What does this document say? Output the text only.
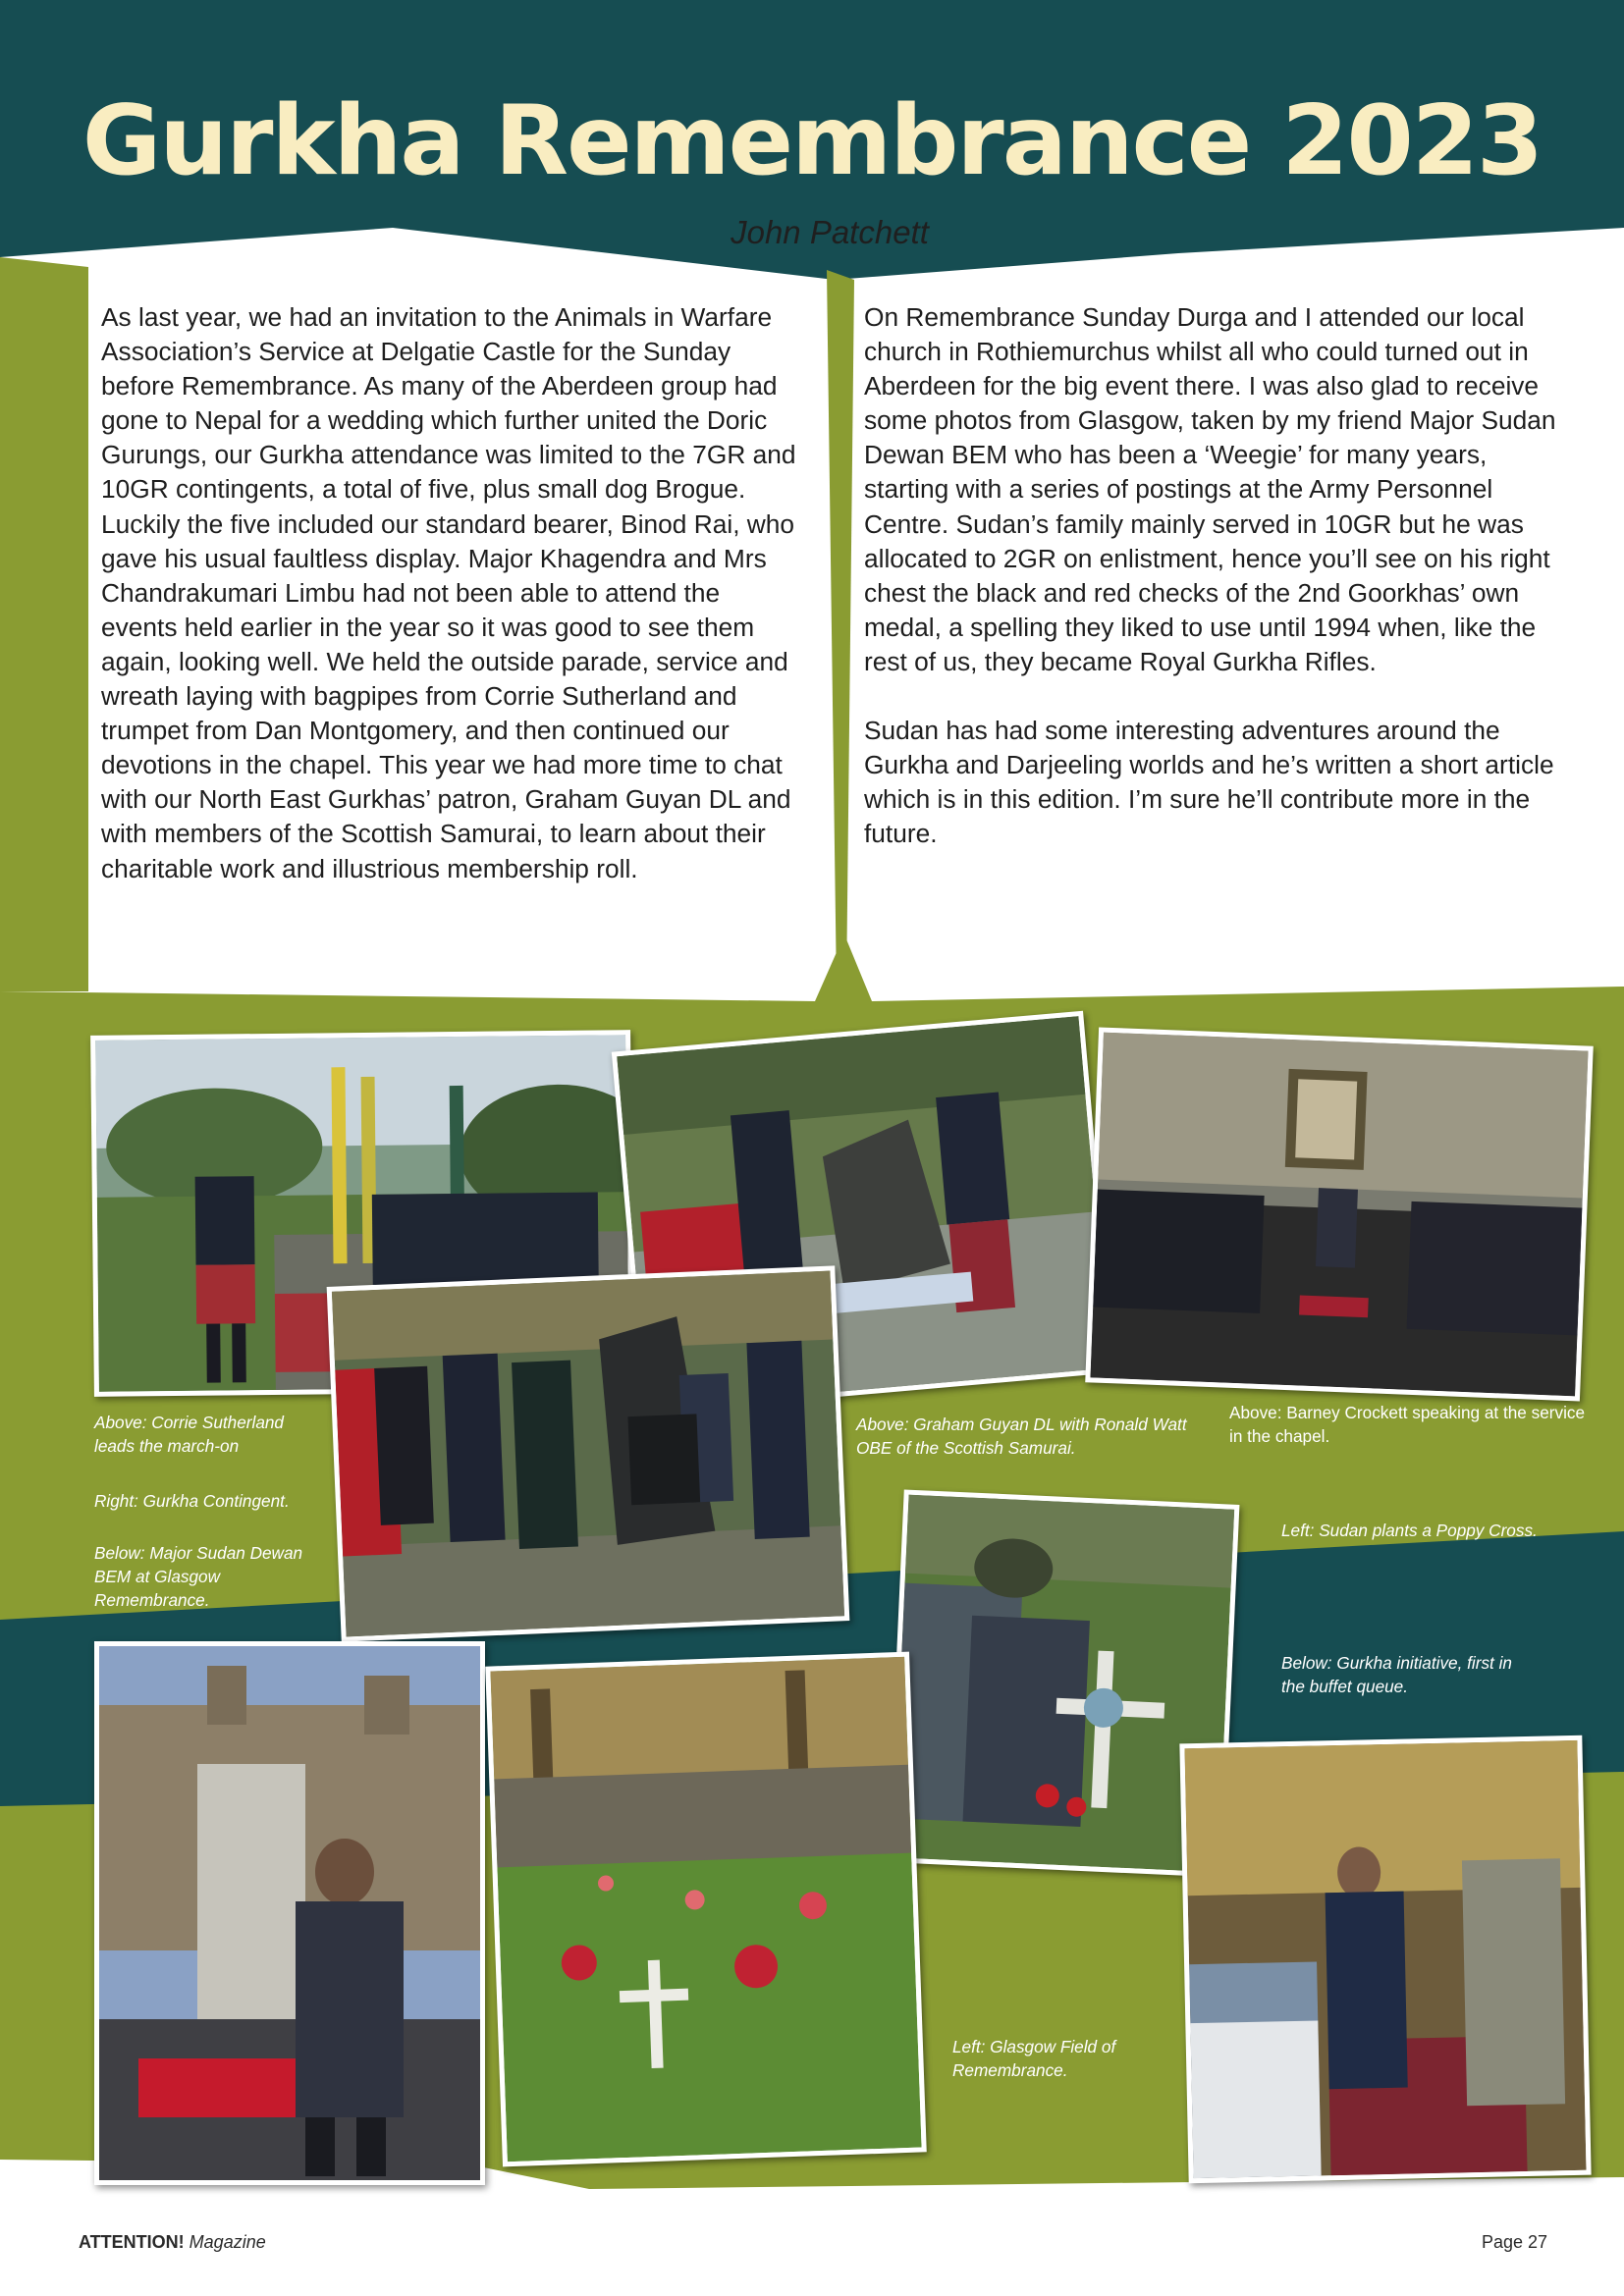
Gurkha Remembrance 2023
John Patchett

As last year, we had an invitation to the Animals in Warfare Association’s Service at Delgatie Castle for the Sunday before Remembrance. As many of the Aberdeen group had gone to Nepal for a wedding which further united the Doric Gurungs, our Gurkha attendance was limited to the 7GR and 10GR contingents, a total of five, plus small dog Brogue. Luckily the five included our standard bearer, Binod Rai, who gave his usual faultless display. Major Khagendra and Mrs Chandrakumari Limbu had not been able to attend the events held earlier in the year so it was good to see them again, looking well. We held the outside parade, service and wreath laying with bagpipes from Corrie Sutherland and trumpet from Dan Montgomery, and then continued our devotions in the chapel. This year we had more time to chat with our North East Gurkhas’ patron, Graham Guyan DL and with members of the Scottish Samurai, to learn about their charitable work and illustrious membership roll.

On Remembrance Sunday Durga and I attended our local church in Rothiemurchus whilst all who could turned out in Aberdeen for the big event there. I was also glad to receive some photos from Glasgow, taken by my friend Major Sudan Dewan BEM who has been a ‘Weegie’ for many years, starting with a series of postings at the Army Personnel Centre. Sudan’s family mainly served in 10GR but he was allocated to 2GR on enlistment, hence you’ll see on his right chest the black and red checks of the 2nd Goorkhas’ own medal, a spelling they liked to use until 1994 when, like the rest of us, they became Royal Gurkha Rifles.

Sudan has had some interesting adventures around the Gurkha and Darjeeling worlds and he’s written a short article which is in this edition. I’m sure he’ll contribute more in the future.

Above: Corrie Sutherland leads the march-on

Right: Gurkha Contingent.

Below: Major Sudan Dewan BEM at Glasgow Remembrance.

Above: Graham Guyan DL with Ronald Watt OBE of the Scottish Samurai.

Above: Barney Crockett speaking at the service in the chapel.

Left: Sudan plants a Poppy Cross.

Below: Gurkha initiative, first in the buffet queue.

Left: Glasgow Field of Remembrance.

ATTENTION! Magazine	Page 27
